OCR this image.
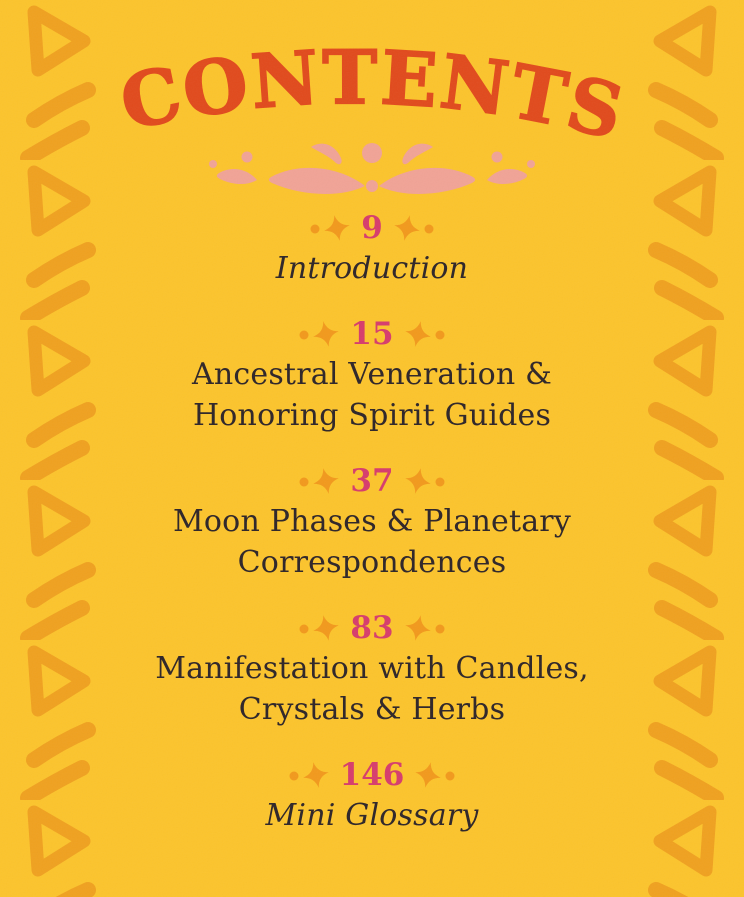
CONTENTS
9
Introduction
15
Ancestral Veneration &
Honoring Spirit Guides
37
Moon Phases & Planetary
Correspondences
83
Manifestation with Candles,
Crystals & Herbs
146
Mini Glossary
